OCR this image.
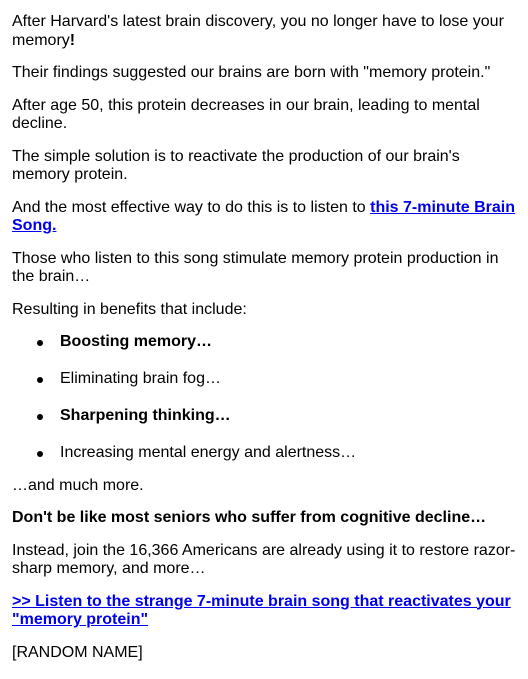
After Harvard's latest brain discovery, you no longer have to lose your memory!

Their findings suggested our brains are born with "memory protein."

After age 50, this protein decreases in our brain, leading to mental decline.

The simple solution is to reactivate the production of our brain's memory protein.

And the most effective way to do this is to listen to this 7-minute Brain Song.

Those who listen to this song stimulate memory protein production in the brain…

Resulting in benefits that include:

Boosting memory…
Eliminating brain fog…
Sharpening thinking…
Increasing mental energy and alertness…

…and much more.

Don't be like most seniors who suffer from cognitive decline…

Instead, join the 16,366 Americans are already using it to restore razor-sharp memory, and more…

>> Listen to the strange 7-minute brain song that reactivates your "memory protein"

[RANDOM NAME]
